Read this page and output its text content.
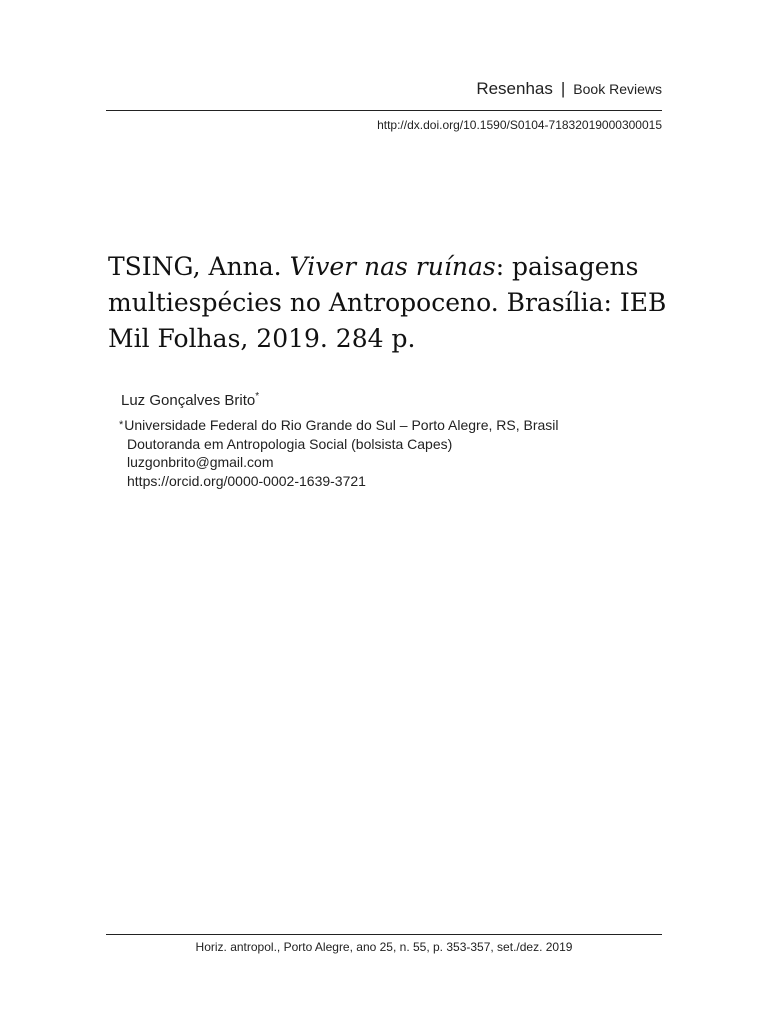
Resenhas | Book Reviews
http://dx.doi.org/10.1590/S0104-71832019000300015
TSING, Anna. Viver nas ruínas: paisagens multiespécies no Antropoceno. Brasília: IEB Mil Folhas, 2019. 284 p.
Luz Gonçalves Brito*
*Universidade Federal do Rio Grande do Sul – Porto Alegre, RS, Brasil
Doutoranda em Antropologia Social (bolsista Capes)
luzgonbrito@gmail.com
https://orcid.org/0000-0002-1639-3721
Horiz. antropol., Porto Alegre, ano 25, n. 55, p. 353-357, set./dez. 2019
